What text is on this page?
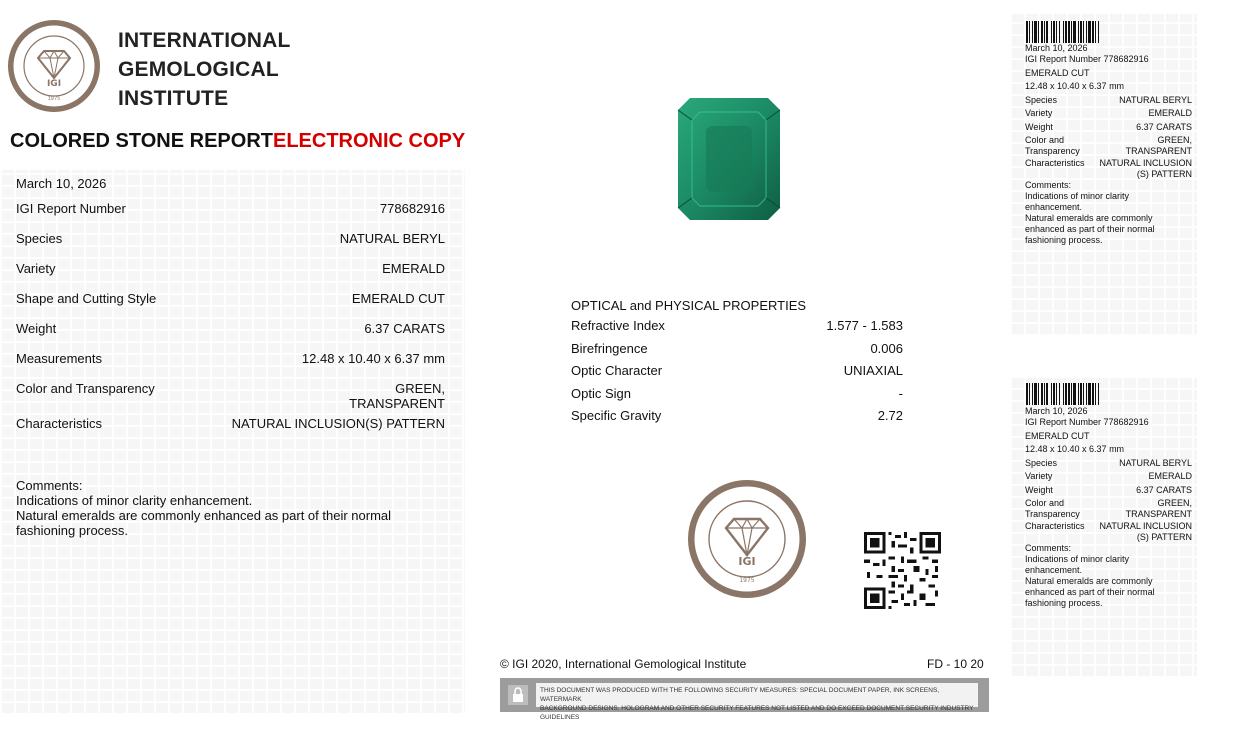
IGI
1975
INTERNATIONAL
GEMOLOGICAL
INSTITUTE
COLORED STONE REPORT ELECTRONIC COPY
March 10, 2026
IGI Report Number	778682916
Species	NATURAL BERYL
Variety	EMERALD
Shape and Cutting Style	EMERALD CUT
Weight	6.37 CARATS
Measurements	12.48 x 10.40 x 6.37 mm
Color and Transparency	GREEN,
TRANSPARENT
Characteristics	NATURAL INCLUSION(S) PATTERN
Comments:
Indications of minor clarity enhancement.
Natural emeralds are commonly enhanced as part of their normal
fashioning process.
OPTICAL and PHYSICAL PROPERTIES
Refractive Index	1.577 - 1.583
Birefringence	0.006
Optic Character	UNIAXIAL
Optic Sign	-
Specific Gravity	2.72
IGI
1975
© IGI 2020, International Gemological Institute	FD - 10 20
THIS DOCUMENT WAS PRODUCED WITH THE FOLLOWING SECURITY MEASURES: SPECIAL DOCUMENT PAPER, INK SCREENS, WATERMARK
BACKGROUND DESIGNS, HOLOGRAM AND OTHER SECURITY FEATURES NOT LISTED AND DO EXCEED DOCUMENT SECURITY INDUSTRY GUIDELINES
March 10, 2026
IGI Report Number 778682916
EMERALD CUT
12.48 x 10.40 x 6.37 mm
Species	NATURAL BERYL
Variety	EMERALD
Weight	6.37 CARATS
Color and	GREEN,
Transparency	TRANSPARENT
Characteristics NATURAL INCLUSION
(S) PATTERN
Comments:
Indications of minor clarity
enhancement.
Natural emeralds are commonly
enhanced as part of their normal
fashioning process.
March 10, 2026
IGI Report Number 778682916
EMERALD CUT
12.48 x 10.40 x 6.37 mm
Species	NATURAL BERYL
Variety	EMERALD
Weight	6.37 CARATS
Color and	GREEN,
Transparency	TRANSPARENT
Characteristics NATURAL INCLUSION
(S) PATTERN
Comments:
Indications of minor clarity
enhancement.
Natural emeralds are commonly
enhanced as part of their normal
fashioning process.
